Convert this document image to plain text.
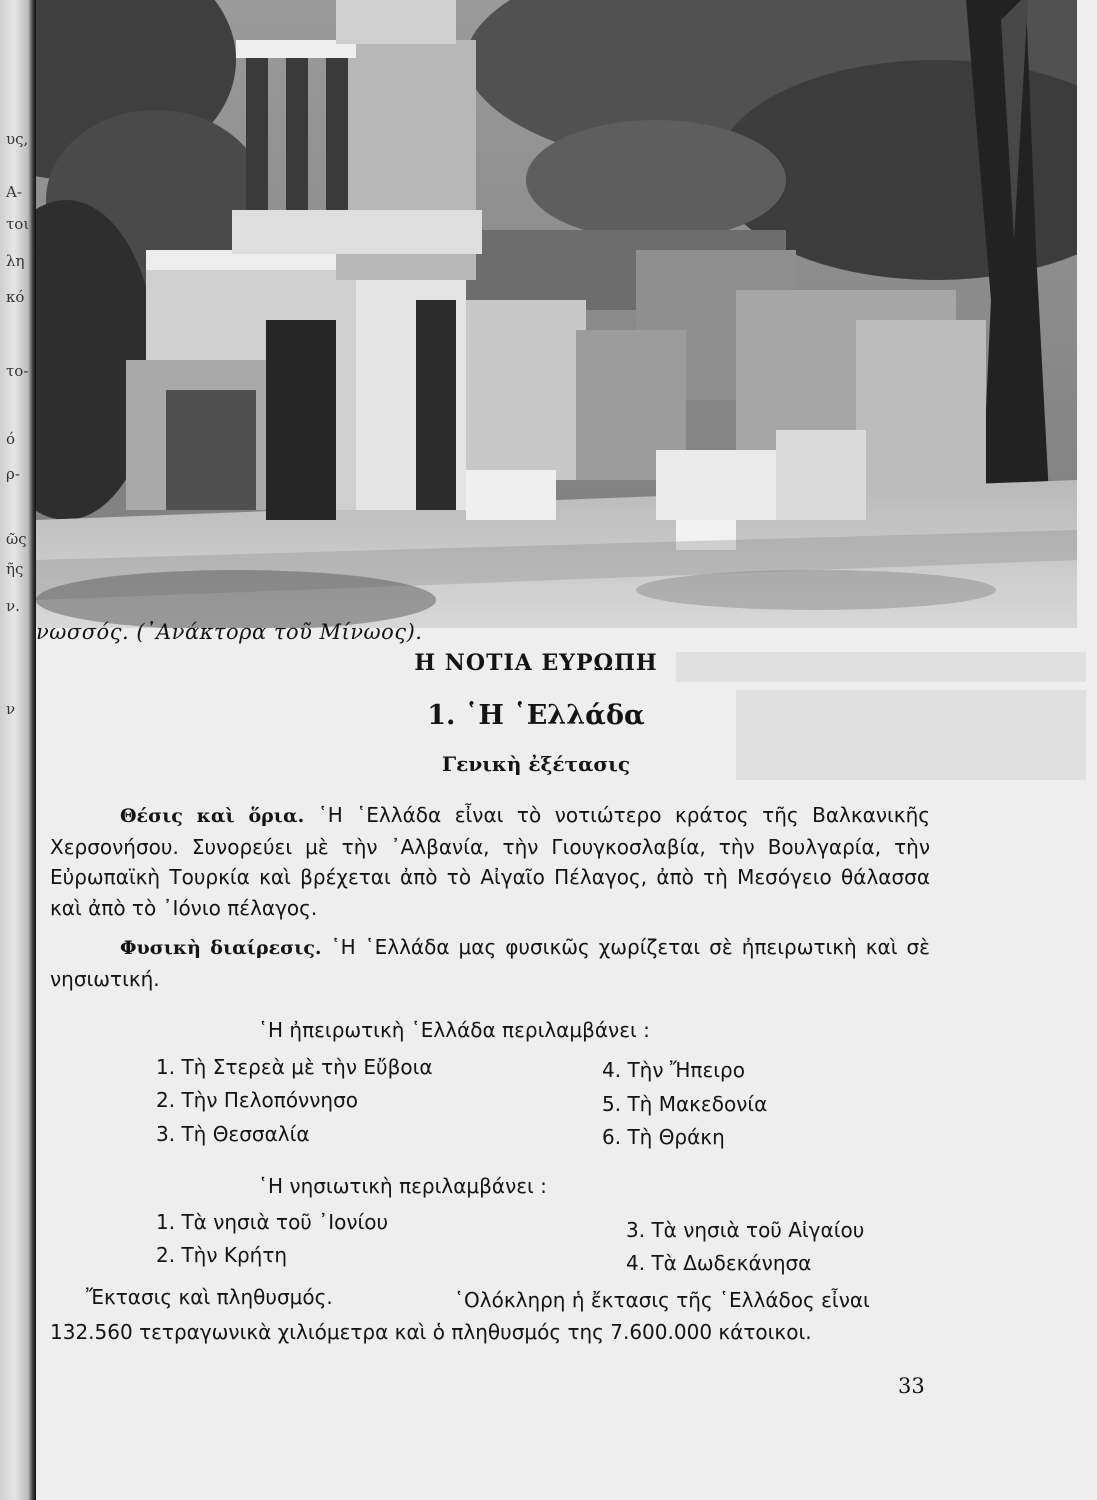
υς,
Α-
τοι
λη
κό
το-
ό
ρ-
ῶς
ῆς
ν.
ν
νωσσός. (᾿Ανάκτορα τοῦ Μίνωος).
Η ΝΟΤΙΑ ΕΥΡΩΠΗ
1. ῾Η ῾Ελλάδα
Γενικὴ ἐξέτασις
Θέσις καὶ ὅρια. ῾Η ῾Ελλάδα εἶναι τὸ νοτιώτερο κράτος τῆς Βαλκανικῆς Χερσονήσου. Συνορεύει μὲ τὴν ᾿Αλβανία, τὴν Γιουγκοσλαβία, τὴν Βουλγαρία, τὴν Εὐρωπαϊκὴ Τουρκία καὶ βρέχεται ἀπὸ τὸ Αἰγαῖο Πέλαγος, ἀπὸ τὴ Μεσόγειο θάλασσα καὶ ἀπὸ τὸ ᾿Ιόνιο πέλαγος.
Φυσικὴ διαίρεσις. ῾Η ῾Ελλάδα μας φυσικῶς χωρίζεται σὲ ἠπειρωτικὴ καὶ σὲ νησιωτική.
῾Η ἠπειρωτικὴ ῾Ελλάδα περιλαμβάνει :
1. Τὴ Στερεὰ μὲ τὴν Εὔβοια
2. Τὴν Πελοπόννησο
3. Τὴ Θεσσαλία
4. Τὴν Ἤπειρο
5. Τὴ Μακεδονία
6. Τὴ Θράκη
῾Η νησιωτικὴ περιλαμβάνει :
1. Τὰ νησιὰ τοῦ ᾿Ιονίου
2. Τὴν Κρήτη
3. Τὰ νησιὰ τοῦ Αἰγαίου
4. Τὰ Δωδεκάνησα
Ἔκτασις καὶ πληθυσμός.	῾Ολόκληρη ἡ ἔκτασις τῆς ῾Ελλάδος εἶναι
132.560 τετραγωνικὰ χιλιόμετρα καὶ ὁ πληθυσμός της 7.600.000 κάτοικοι.
33
